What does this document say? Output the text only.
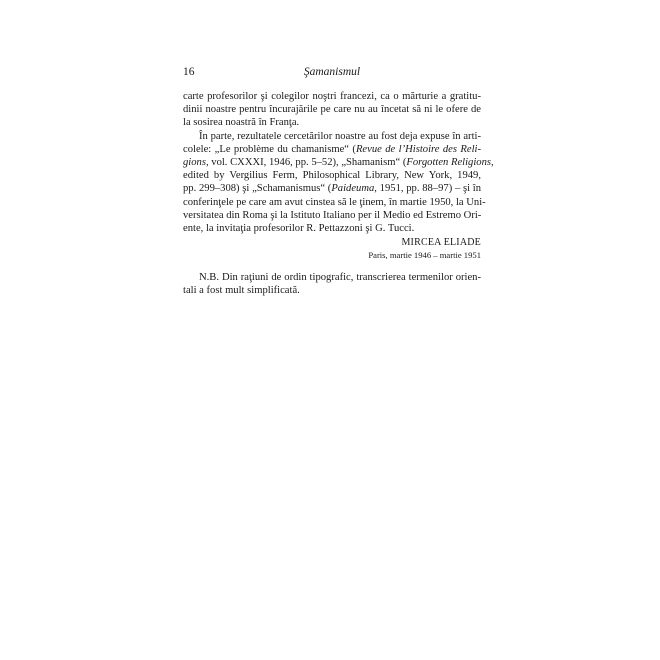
16	Şamanismul
carte profesorilor şi colegilor noştri francezi, ca o mărturie a gratitu-
dinii noastre pentru încurajările pe care nu au încetat să ni le ofere de
la sosirea noastră în Franţa.
În parte, rezultatele cercetărilor noastre au fost deja expuse în arti-
colele: „Le problème du chamanisme“ (Revue de l’Histoire des Reli-
gions, vol. CXXXI, 1946, pp. 5–52), „Shamanism“ (Forgotten Religions,
edited by Vergilius Ferm, Philosophical Library, New York, 1949,
pp. 299–308) şi „Schamanismus“ (Paideuma, 1951, pp. 88–97) – şi în
conferinţele pe care am avut cinstea să le ţinem, în martie 1950, la Uni-
versitatea din Roma şi la Istituto Italiano per il Medio ed Estremo Ori-
ente, la invitaţia profesorilor R. Pettazzoni şi G. Tucci.
MIRCEA ELIADE
Paris, martie 1946 – martie 1951
N.B. Din raţiuni de ordin tipografic, transcrierea termenilor orien-
tali a fost mult simplificată.
